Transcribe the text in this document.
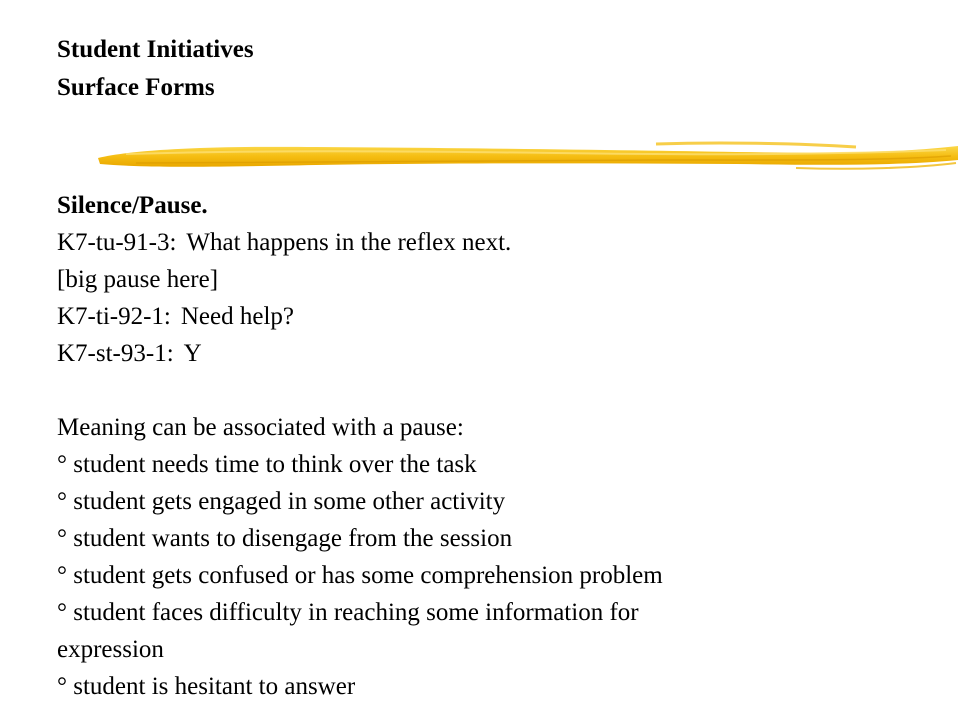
Student Initiatives
Surface Forms
Silence/Pause.
K7-tu-91-3: What happens in the reflex next.
[big pause here]
K7-ti-92-1: Need help?
K7-st-93-1: Y
Meaning can be associated with a pause:
° student needs time to think over the task
° student gets engaged in some other activity
° student wants to disengage from the session
° student gets confused or has some comprehension problem
° student faces difficulty in reaching some information for
expression
° student is hesitant to answer
